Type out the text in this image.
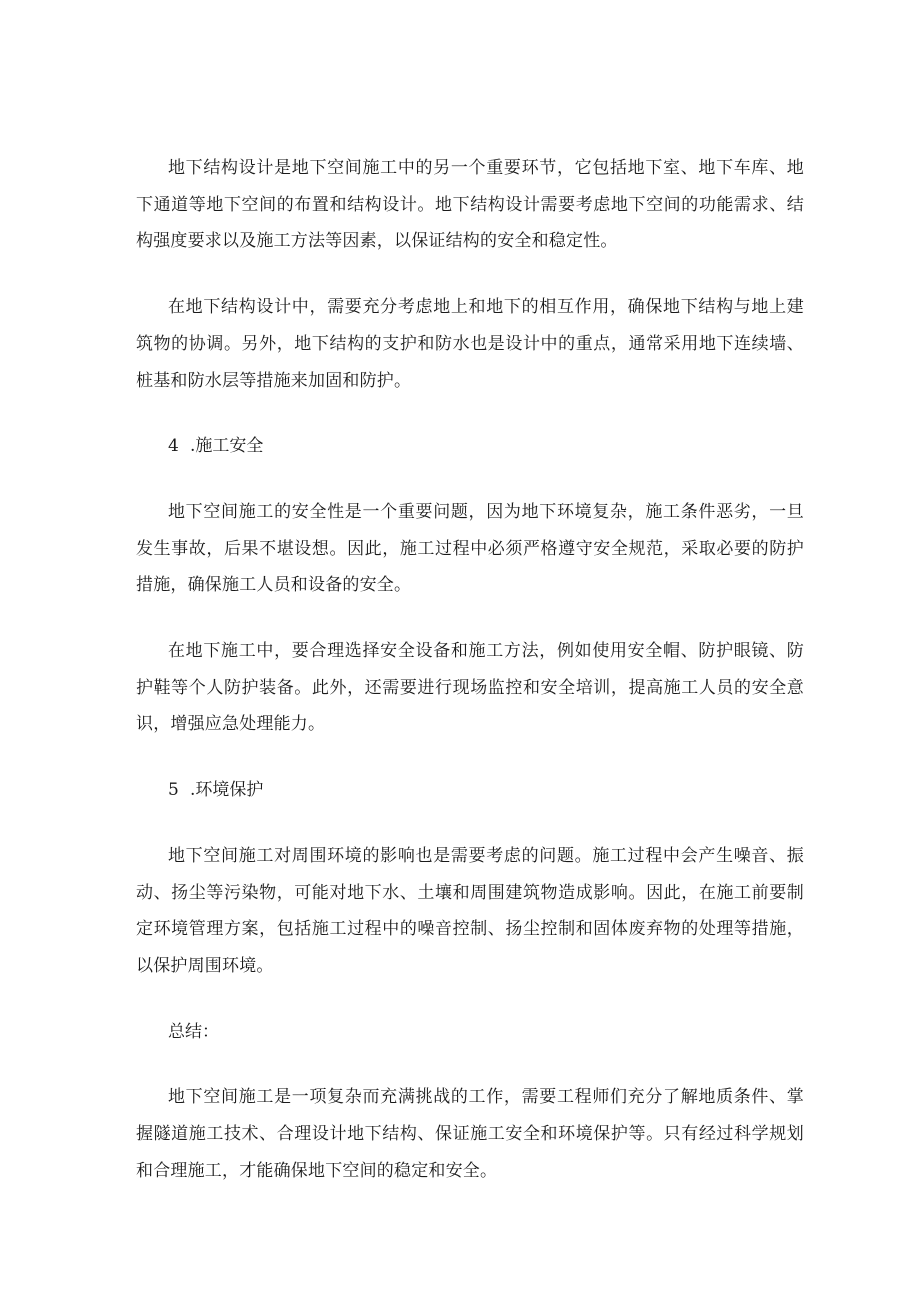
地下结构设计是地下空间施工中的另一个重要环节，它包括地下室、地下车库、地下通道等地下空间的布置和结构设计。地下结构设计需要考虑地下空间的功能需求、结构强度要求以及施工方法等因素，以保证结构的安全和稳定性。

在地下结构设计中，需要充分考虑地上和地下的相互作用，确保地下结构与地上建筑物的协调。另外，地下结构的支护和防水也是设计中的重点，通常采用地下连续墙、桩基和防水层等措施来加固和防护。

4 .施工安全

地下空间施工的安全性是一个重要问题，因为地下环境复杂，施工条件恶劣，一旦发生事故，后果不堪设想。因此，施工过程中必须严格遵守安全规范，采取必要的防护措施，确保施工人员和设备的安全。

在地下施工中，要合理选择安全设备和施工方法，例如使用安全帽、防护眼镜、防护鞋等个人防护装备。此外，还需要进行现场监控和安全培训，提高施工人员的安全意识，增强应急处理能力。

5 .环境保护

地下空间施工对周围环境的影响也是需要考虑的问题。施工过程中会产生噪音、振动、扬尘等污染物，可能对地下水、土壤和周围建筑物造成影响。因此，在施工前要制定环境管理方案，包括施工过程中的噪音控制、扬尘控制和固体废弃物的处理等措施，以保护周围环境。

总结：

地下空间施工是一项复杂而充满挑战的工作，需要工程师们充分了解地质条件、掌握隧道施工技术、合理设计地下结构、保证施工安全和环境保护等。只有经过科学规划和合理施工，才能确保地下空间的稳定和安全。
